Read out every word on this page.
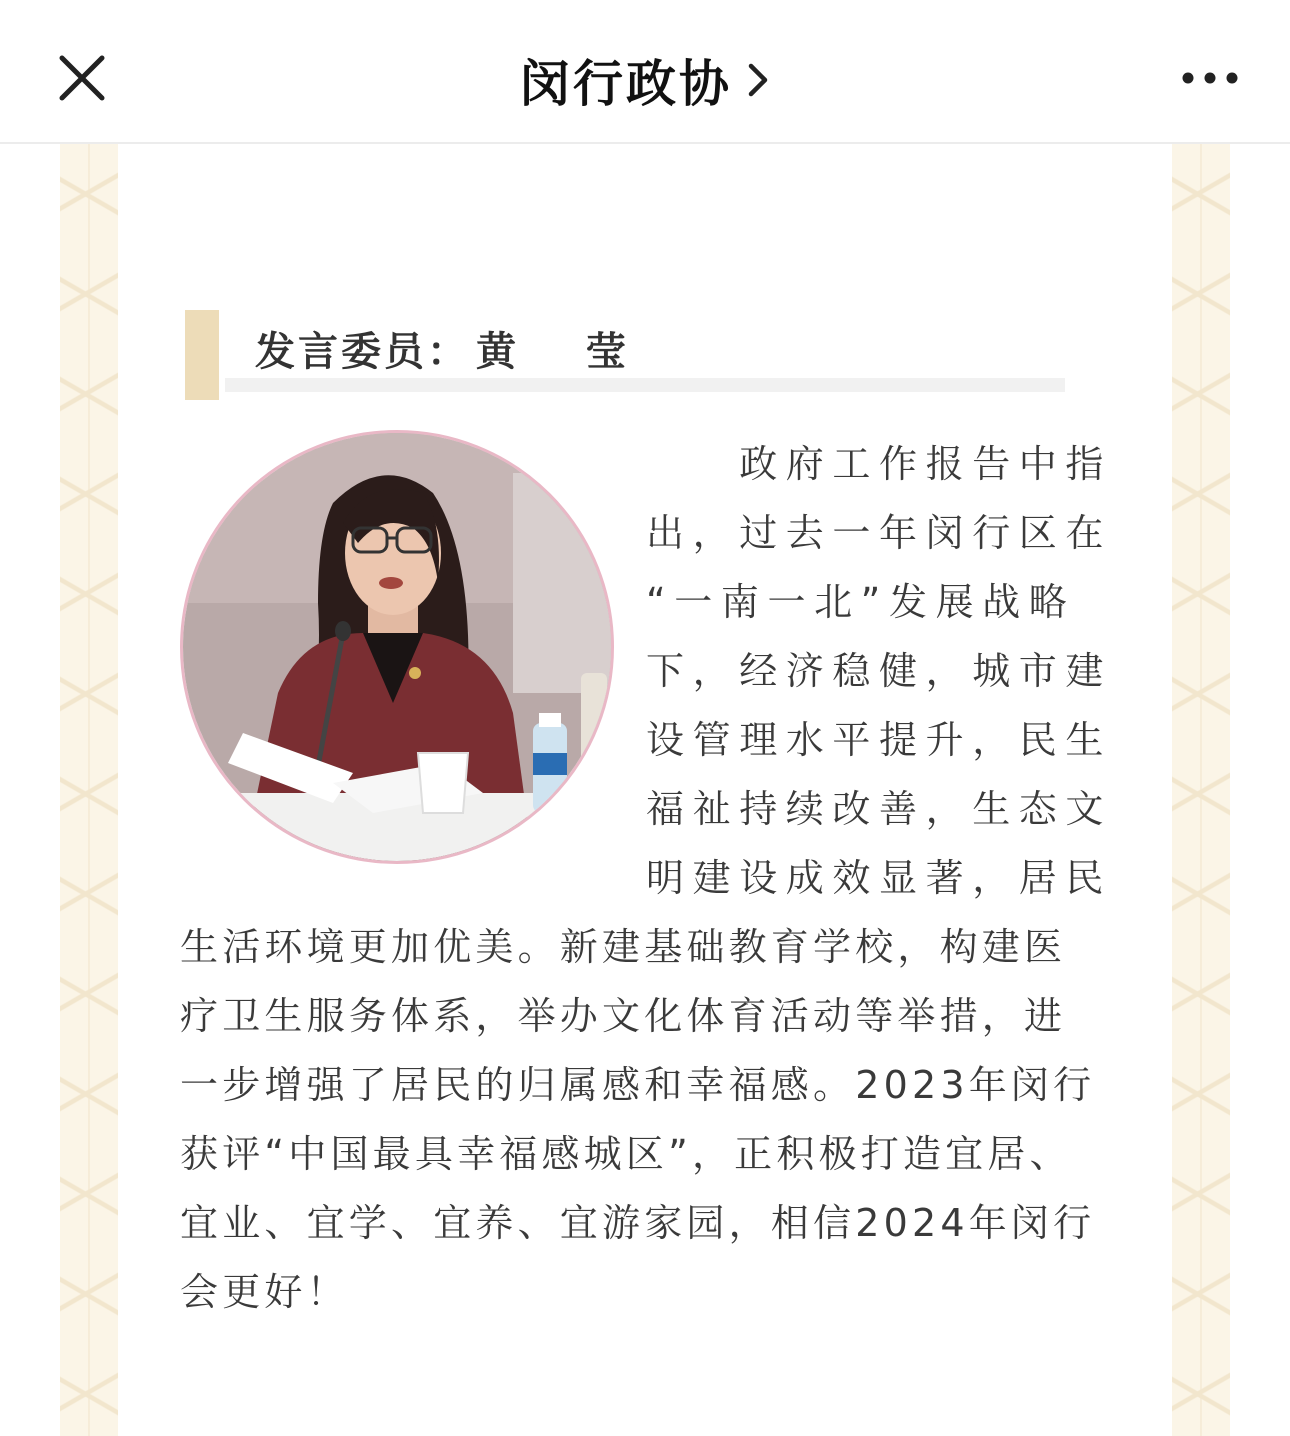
闵行政协
发言委员： 黄 莹
　　政府工作报告中指
出，过去一年闵行区在
“一南一北”发展战略
下，经济稳健，城市建
设管理水平提升，民生
福祉持续改善，生态文
明建设成效显著，居民
生活环境更加优美。新建基础教育学校，构建医
疗卫生服务体系，举办文化体育活动等举措，进
一步增强了居民的归属感和幸福感。2023年闵行
获评“中国最具幸福感城区”，正积极打造宜居、
宜业、宜学、宜养、宜游家园，相信2024年闵行
会更好！
